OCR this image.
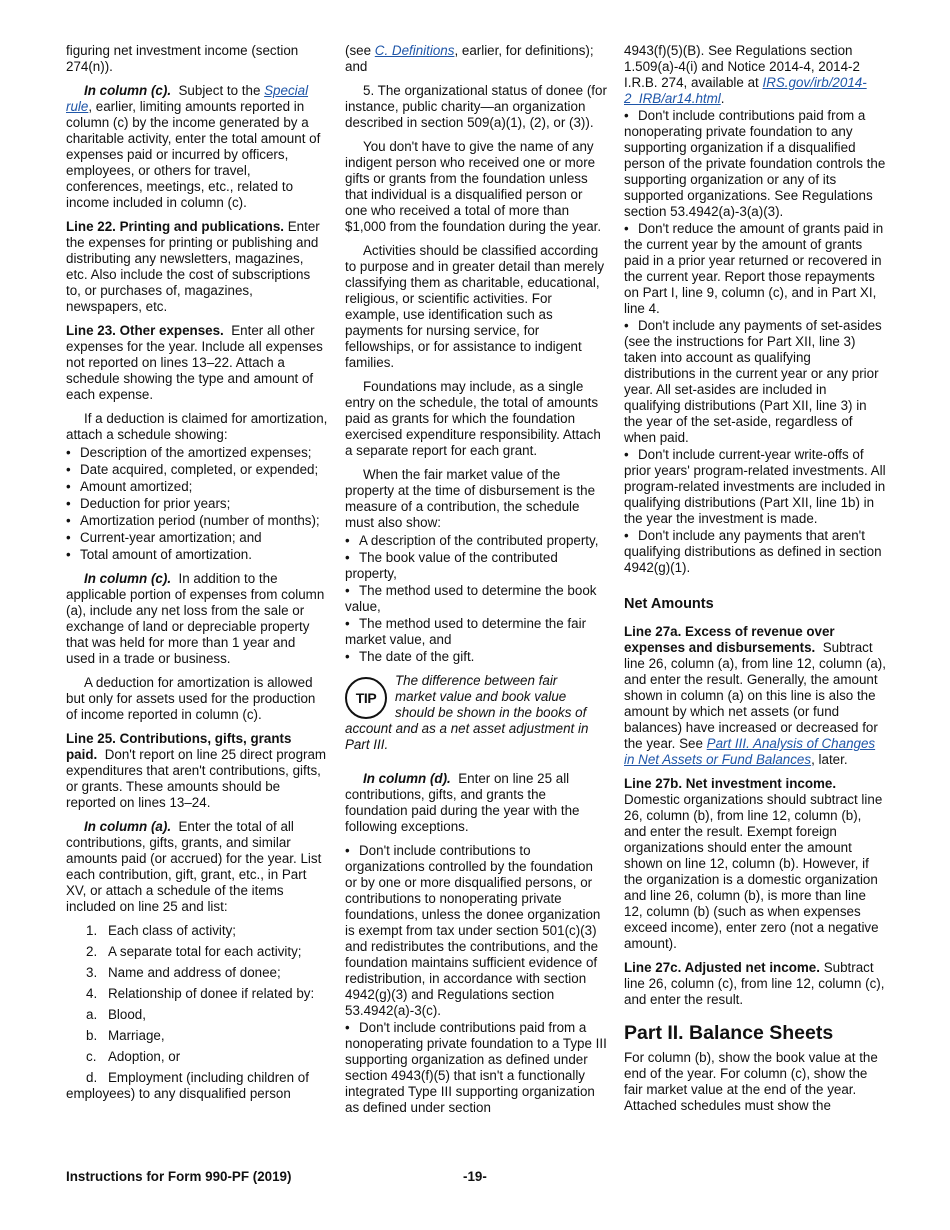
figuring net investment income (section 274(n)).

In column (c). Subject to the Special rule, earlier, limiting amounts reported in column (c) by the income generated by a charitable activity, enter the total amount of expenses paid or incurred by officers, employees, or others for travel, conferences, meetings, etc., related to income included in column (c).

Line 22. Printing and publications. Enter the expenses for printing or publishing and distributing any newsletters, magazines, etc. Also include the cost of subscriptions to, or purchases of, magazines, newspapers, etc.

Line 23. Other expenses. Enter all other expenses for the year. Include all expenses not reported on lines 13–22. Attach a schedule showing the type and amount of each expense.

If a deduction is claimed for amortization, attach a schedule showing:

• Description of the amortized expenses;
• Date acquired, completed, or expended;
• Amount amortized;
• Deduction for prior years;
• Amortization period (number of months);
• Current-year amortization; and
• Total amount of amortization.

In column (c). In addition to the applicable portion of expenses from column (a), include any net loss from the sale or exchange of land or depreciable property that was held for more than 1 year and used in a trade or business.

A deduction for amortization is allowed but only for assets used for the production of income reported in column (c).

Line 25. Contributions, gifts, grants paid. Don't report on line 25 direct program expenditures that aren't contributions, gifts, or grants. These amounts should be reported on lines 13–24.

In column (a). Enter the total of all contributions, gifts, grants, and similar amounts paid (or accrued) for the year. List each contribution, gift, grant, etc., in Part XV, or attach a schedule of the items included on line 25 and list:

1. Each class of activity;
2. A separate total for each activity;
3. Name and address of donee;
4. Relationship of donee if related by:
a. Blood,
b. Marriage,
c. Adoption, or
d. Employment (including children of employees) to any disqualified person

(see C. Definitions, earlier, for definitions); and

5. The organizational status of donee (for instance, public charity—an organization described in section 509(a)(1), (2), or (3)).

You don't have to give the name of any indigent person who received one or more gifts or grants from the foundation unless that individual is a disqualified person or one who received a total of more than $1,000 from the foundation during the year.

Activities should be classified according to purpose and in greater detail than merely classifying them as charitable, educational, religious, or scientific activities. For example, use identification such as payments for nursing service, for fellowships, or for assistance to indigent families.

Foundations may include, as a single entry on the schedule, the total of amounts paid as grants for which the foundation exercised expenditure responsibility. Attach a separate report for each grant.

When the fair market value of the property at the time of disbursement is the measure of a contribution, the schedule must also show:

• A description of the contributed property,
• The book value of the contributed property,
• The method used to determine the book value,
• The method used to determine the fair market value, and
• The date of the gift.
TIP
The difference between fair
market value and book value
should be shown in the books of
account and as a net asset adjustment in Part III.

In column (d). Enter on line 25 all contributions, gifts, and grants the foundation paid during the year with the following exceptions.

• Don't include contributions to organizations controlled by the foundation or by one or more disqualified persons, or contributions to nonoperating private foundations, unless the donee organization is exempt from tax under section 501(c)(3) and redistributes the contributions, and the foundation maintains sufficient evidence of redistribution, in accordance with section 4942(g)(3) and Regulations section 53.4942(a)-3(c).
• Don't include contributions paid from a nonoperating private foundation to a Type III supporting organization as defined under section 4943(f)(5) that isn't a functionally integrated Type III supporting organization as defined under section
4943(f)(5)(B). See Regulations section 1.509(a)-4(i) and Notice 2014-4, 2014-2 I.R.B. 274, available at IRS.gov/irb/2014-2_IRB/ar14.html.
• Don't include contributions paid from a nonoperating private foundation to any supporting organization if a disqualified person of the private foundation controls the supporting organization or any of its supported organizations. See Regulations section 53.4942(a)-3(a)(3).
• Don't reduce the amount of grants paid in the current year by the amount of grants paid in a prior year returned or recovered in the current year. Report those repayments on Part I, line 9, column (c), and in Part XI, line 4.
• Don't include any payments of set-asides (see the instructions for Part XII, line 3) taken into account as qualifying distributions in the current year or any prior year. All set-asides are included in qualifying distributions (Part XII, line 3) in the year of the set-aside, regardless of when paid.
• Don't include current-year write-offs of prior years' program-related investments. All program-related investments are included in qualifying distributions (Part XII, line 1b) in the year the investment is made.
• Don't include any payments that aren't qualifying distributions as defined in section 4942(g)(1).
Net Amounts

Line 27a. Excess of revenue over expenses and disbursements. Subtract line 26, column (a), from line 12, column (a), and enter the result. Generally, the amount shown in column (a) on this line is also the amount by which net assets (or fund balances) have increased or decreased for the year. See Part III. Analysis of Changes in Net Assets or Fund Balances, later.

Line 27b. Net investment income. Domestic organizations should subtract line 26, column (b), from line 12, column (b), and enter the result. Exempt foreign organizations should enter the amount shown on line 12, column (b). However, if the organization is a domestic organization and line 26, column (b), is more than line 12, column (b) (such as when expenses exceed income), enter zero (not a negative amount).

Line 27c. Adjusted net income. Subtract line 26, column (c), from line 12, column (c), and enter the result.

Part II. Balance Sheets

For column (b), show the book value at the end of the year. For column (c), show the fair market value at the end of the year. Attached schedules must show the

Instructions for Form 990-PF (2019)	-19-
